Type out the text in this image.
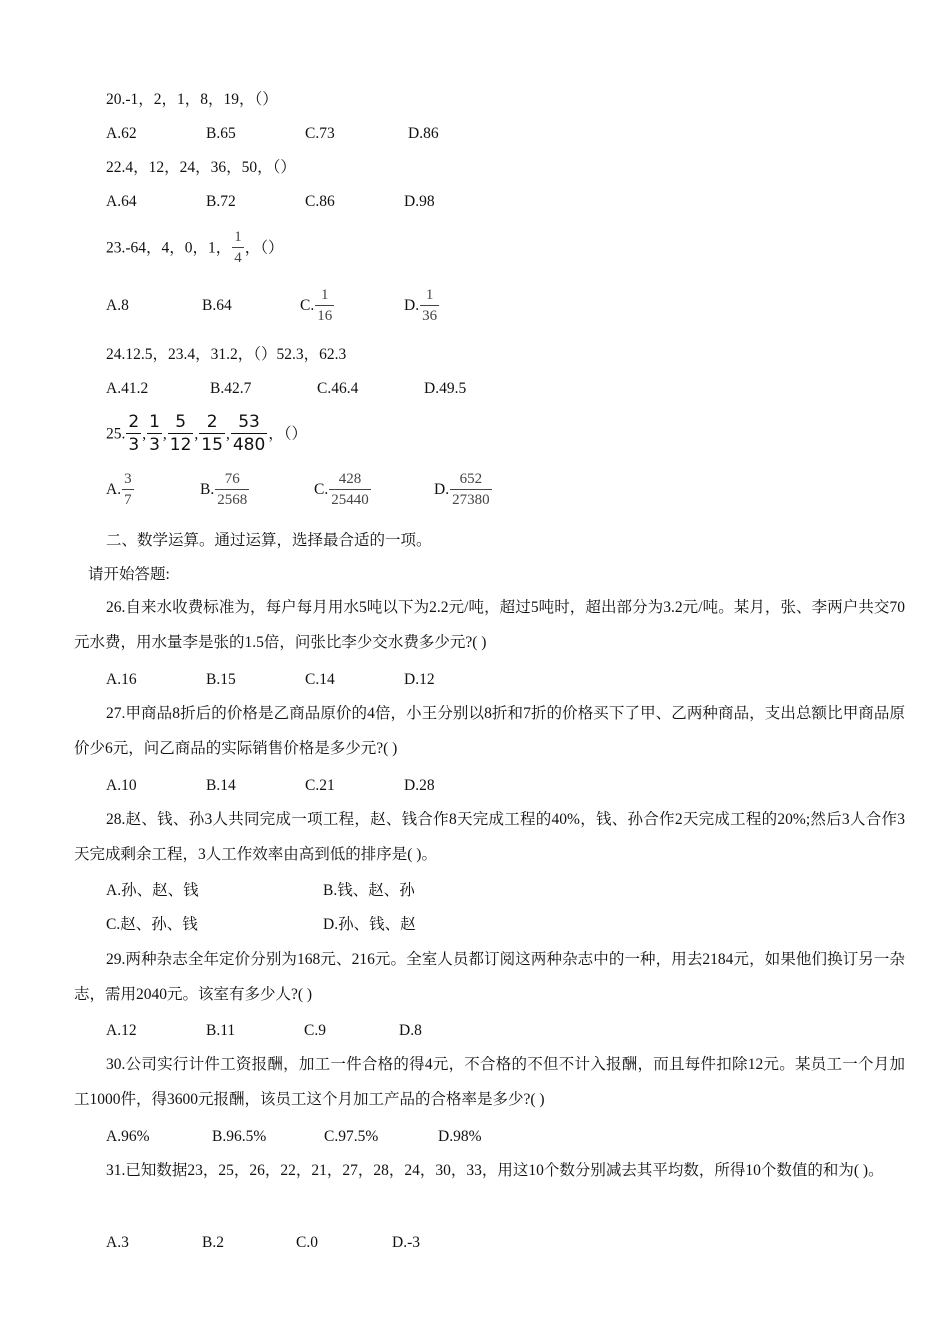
20.-1，2，1，8，19，（）
A.62	B.65	C.73	D.86
22.4，12，24，36，50，（）
A.64	B.72	C.86	D.98
23.-64，4，0，1， $\frac{1}{4}$ ，（）
A.8	B.64	C. $\frac{1}{16}$	D. $\frac{1}{36}$
24.12.5，23.4，31.2，（）52.3，62.3
A.41.2	B.42.7	C.46.4	D.49.5
25. $\frac{2}{3}$ , $\frac{1}{3}$ , $\frac{5}{12}$ , $\frac{2}{15}$ , $\frac{53}{480}$ ，（）
A. $\frac{3}{7}$	B. $\frac{76}{2568}$	C. $\frac{428}{25440}$	D. $\frac{652}{27380}$
二、数学运算。通过运算，选择最合适的一项。
请开始答题:
26.自来水收费标准为，每户每月用水5吨以下为2.2元/吨，超过5吨时，超出部分为3.2元/吨。某月，张、李两户共交70元水费，用水量李是张的1.5倍，问张比李少交水费多少元?( )
A.16	B.15	C.14	D.12
27.甲商品8折后的价格是乙商品原价的4倍，小王分别以8折和7折的价格买下了甲、乙两种商品，支出总额比甲商品原价少6元，问乙商品的实际销售价格是多少元?( )
A.10	B.14	C.21	D.28
28.赵、钱、孙3人共同完成一项工程，赵、钱合作8天完成工程的40%，钱、孙合作2天完成工程的20%;然后3人合作3天完成剩余工程，3人工作效率由高到低的排序是( )。
A.孙、赵、钱	B.钱、赵、孙
C.赵、孙、钱	D.孙、钱、赵
29.两种杂志全年定价分别为168元、216元。全室人员都订阅这两种杂志中的一种，用去2184元，如果他们换订另一杂志，需用2040元。该室有多少人?( )
A.12	B.11	C.9	D.8
30.公司实行计件工资报酬，加工一件合格的得4元，不合格的不但不计入报酬，而且每件扣除12元。某员工一个月加工1000件，得3600元报酬，该员工这个月加工产品的合格率是多少?( )
A.96%	B.96.5%	C.97.5%	D.98%
31.已知数据23，25，26，22，21，27，28，24，30，33，用这10个数分别减去其平均数，所得10个数值的和为( )。
A.3	B.2	C.0	D.-3
